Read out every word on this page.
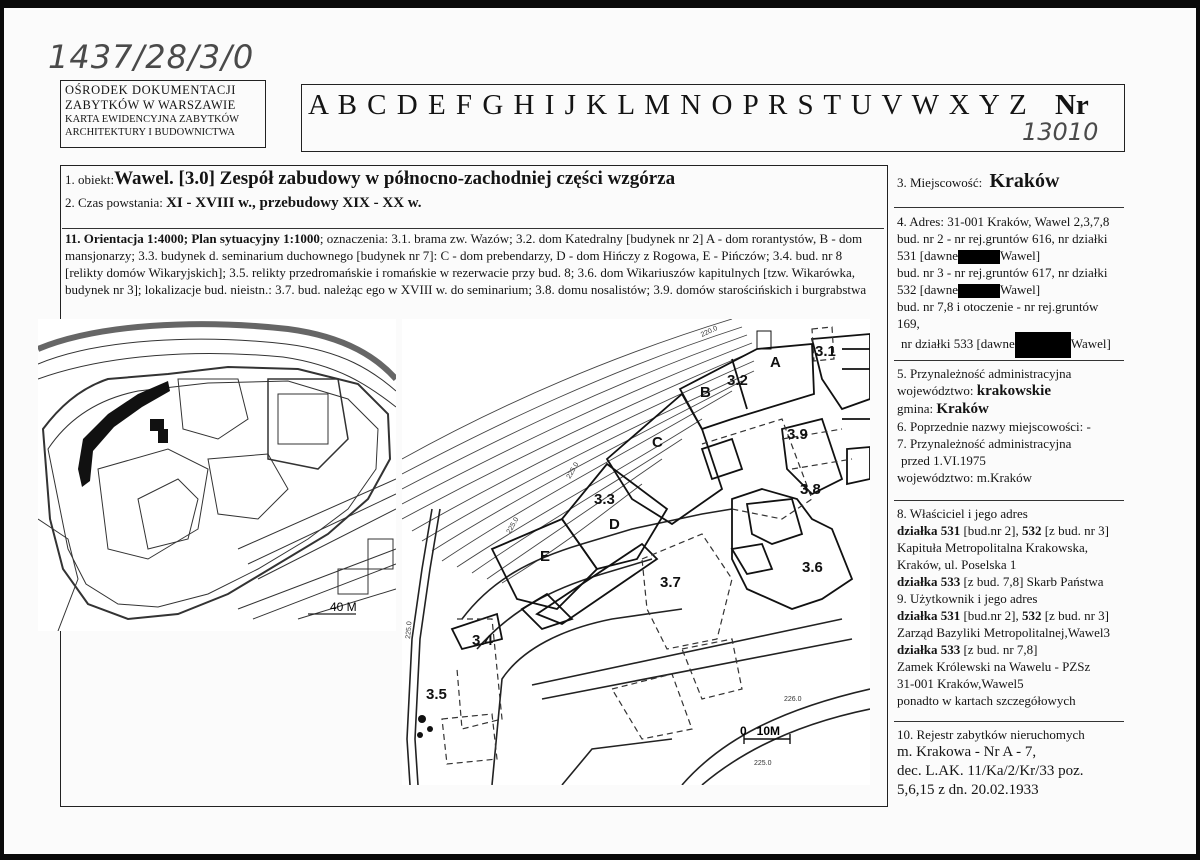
1437/28/3/0
13010
OŚRODEK DOKUMENTACJI
ZABYTKÓW W WARSZAWIE
KARTA EWIDENCYJNA ZABYTKÓW
ARCHITEKTURY I BUDOWNICTWA
A B C D E F G H I J K L M N O P R S T U V W X Y Z Nr
1. obiekt:Wawel. [3.0] Zespół zabudowy w północno-zachodniej części wzgórza
2. Czas powstania: XI - XVIII w., przebudowy XIX - XX w.
11. Orientacja 1:4000; Plan sytuacyjny 1:1000; oznaczenia: 3.1. brama zw. Wazów; 3.2. dom Katedralny [budynek nr 2] A - dom rorantystów, B - dom mansjonarzy; 3.3. budynek d. seminarium duchownego [budynek nr 7]: C - dom prebendarzy, D - dom Hińczy z Rogowa, E - Pińczów; 3.4. bud. nr 8 [relikty domów Wikaryjskich]; 3.5. relikty przedromańskie i romańskie w rezerwacie przy bud. 8; 3.6. dom Wikariuszów kapitulnych [tzw. Wikarówka, budynek nr 3]; lokalizacje bud. nieistn.: 3.7. bud. należąc ego w XVIII w. do seminarium; 3.8. domu nosalistów; 3.9. domów starościńskich i burgrabstwa
40 M
A
B
3.2
3.1
C
3.3
D
E
3.9
3.8
3.6
3.7
3.4
3.5
220.0
225.0
225.0
225.0
226.0
225.0
0   10M
3. Miejscowość: Kraków
4. Adres: 31-001 Kraków, Wawel 2,3,7,8
bud. nr 2 - nr rej.gruntów 616, nr działki
531 [dawne	Wawel]
bud. nr 3 - nr rej.gruntów 617, nr działki
532 [dawne	Wawel]
bud. nr 7,8 i otoczenie - nr rej.gruntów
169,
nr działki 533 [dawne	Wawel]
5. Przynależność administracyjna
województwo: krakowskie
gmina: Kraków
6. Poprzednie nazwy miejscowości: -
7. Przynależność administracyjna
przed 1.VI.1975
województwo: m.Kraków
8. Właściciel i jego adres
działka 531 [bud.nr 2], 532 [z bud. nr 3]
Kapituła Metropolitalna Krakowska,
Kraków, ul. Poselska 1
działka 533 [z bud. 7,8] Skarb Państwa
9. Użytkownik i jego adres
działka 531 [bud.nr 2], 532 [z bud. nr 3]
Zarząd Bazyliki Metropolitalnej,Wawel3
działka 533 [z bud. nr 7,8]
Zamek Królewski na Wawelu - PZSz
31-001 Kraków,Wawel5
ponadto w kartach szczegółowych
10. Rejestr zabytków nieruchomych
m. Krakowa - Nr A - 7,
dec. L.AK. 11/Ka/2/Kr/33 poz.
5,6,15 z dn. 20.02.1933
